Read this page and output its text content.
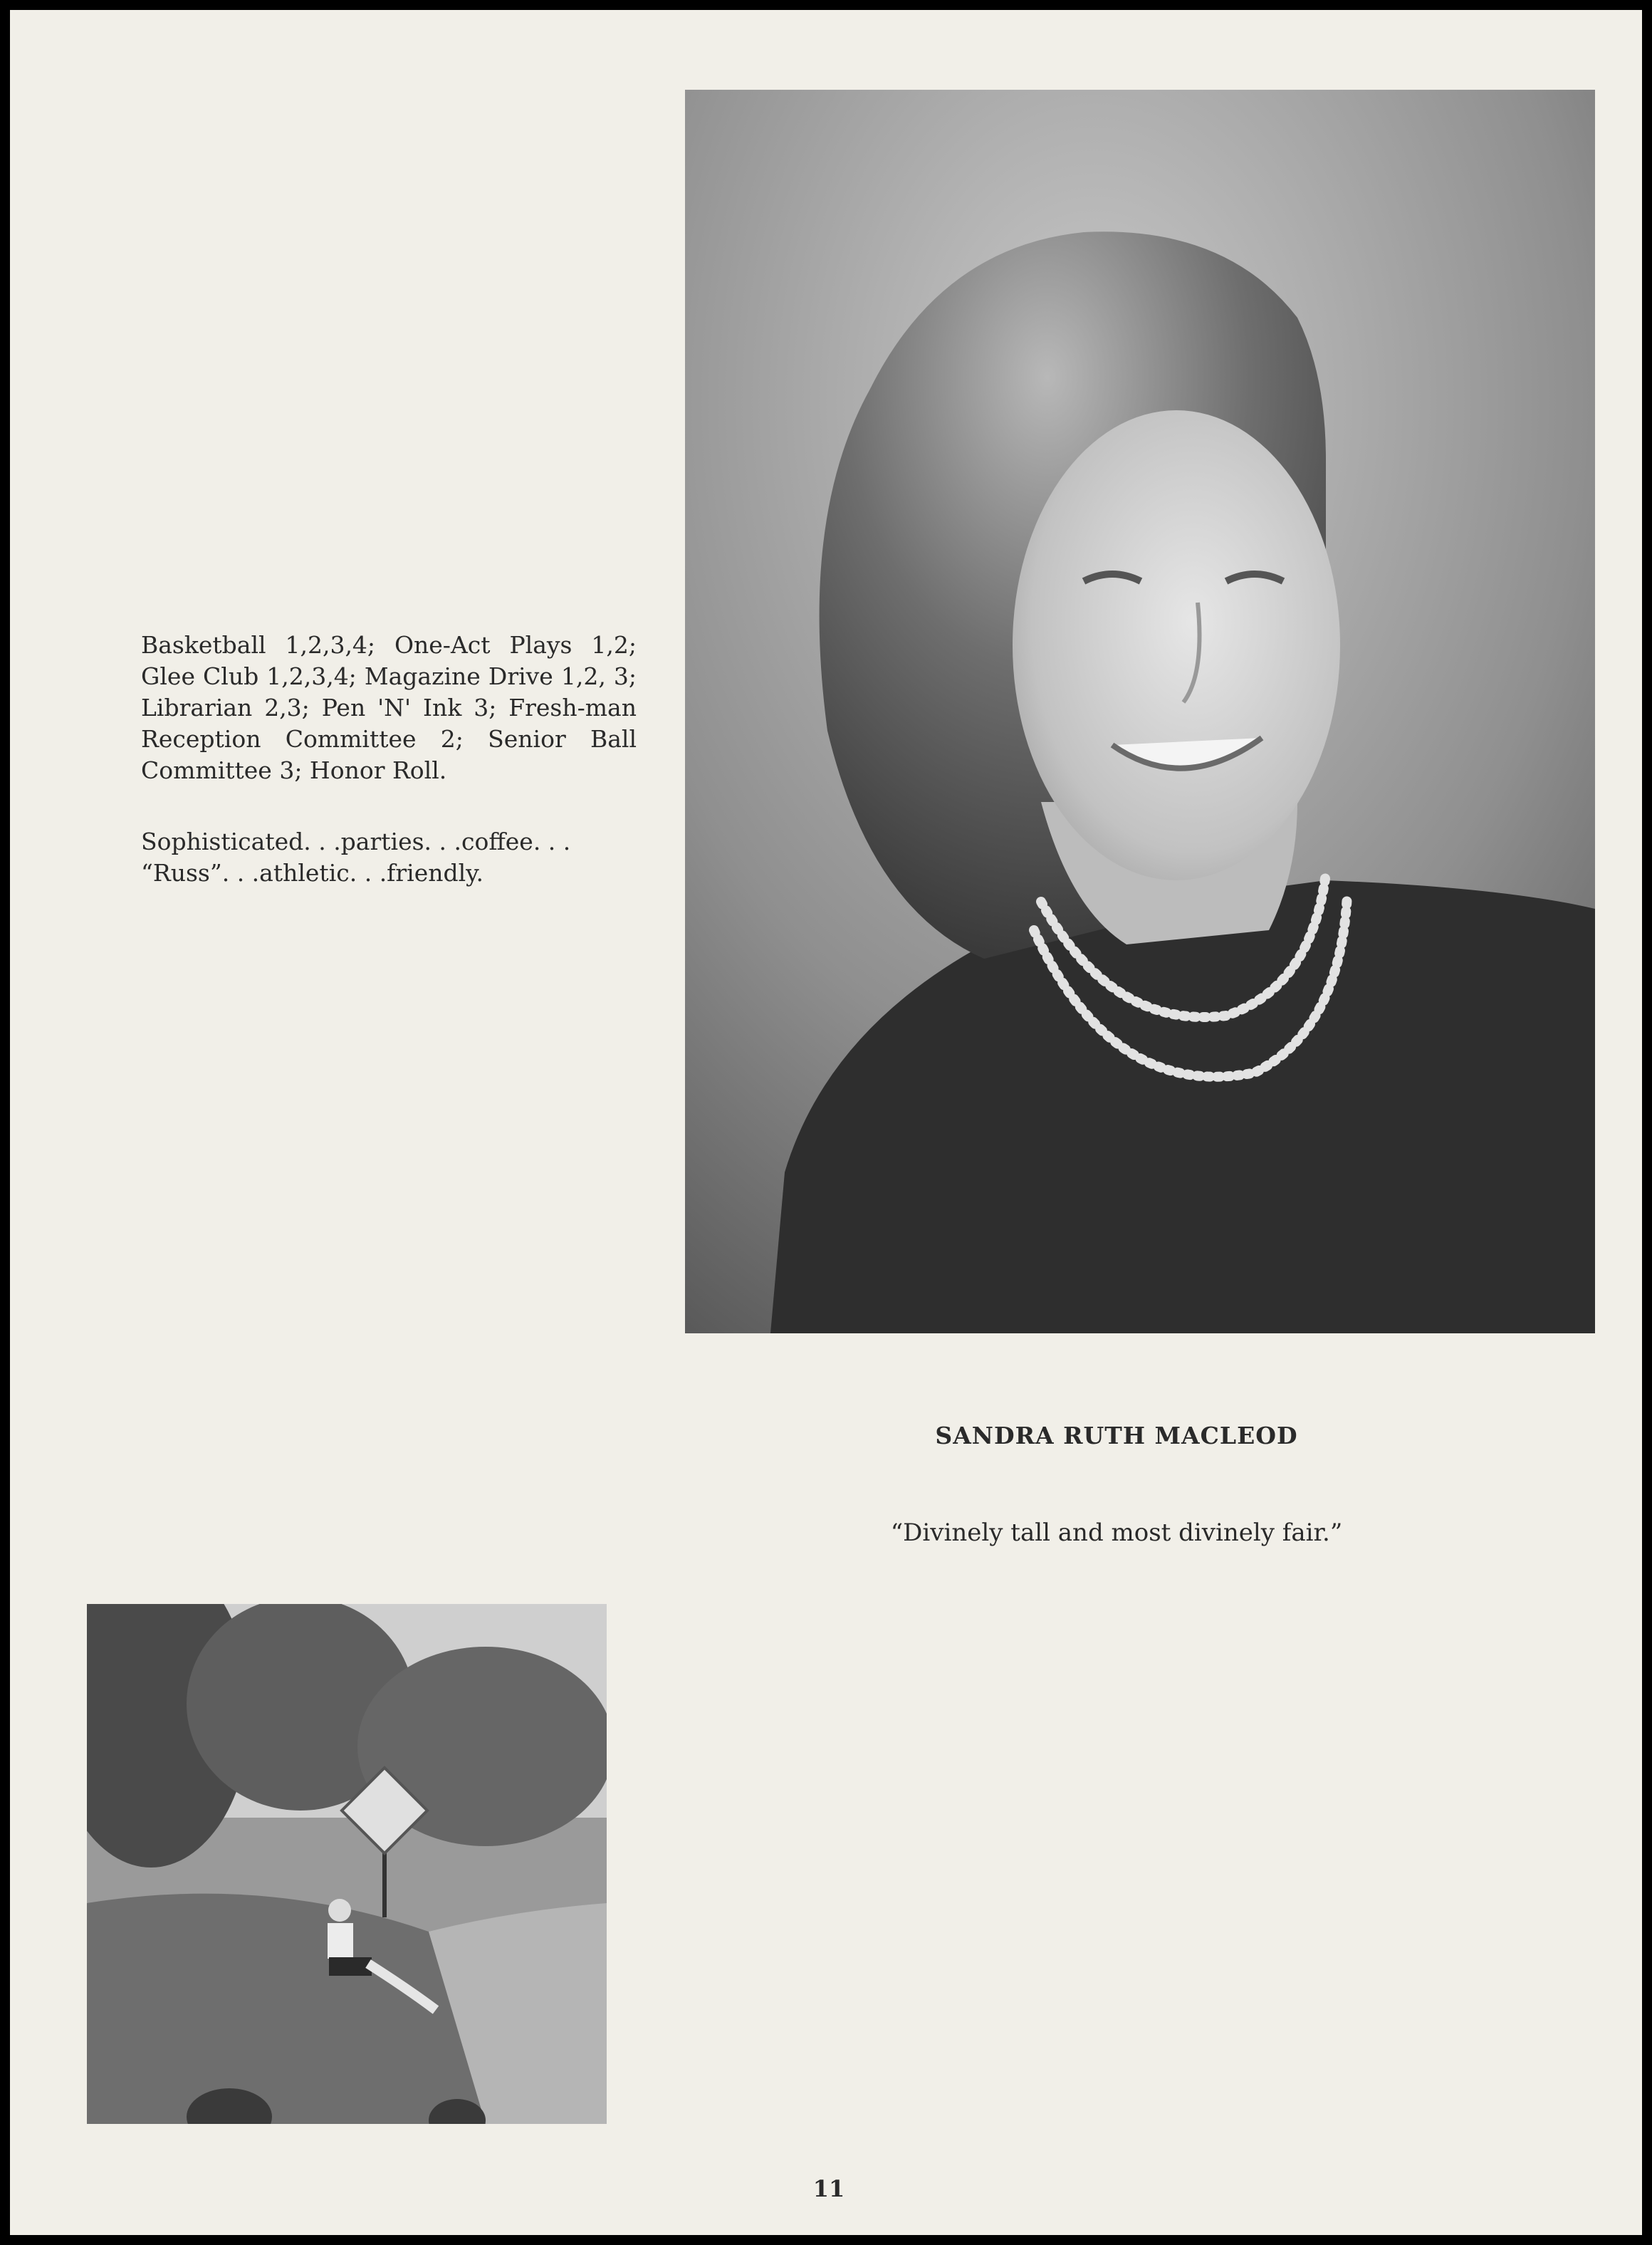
Basketball 1,2,3,4; One-Act Plays 1,2; Glee Club 1,2,3,4; Magazine Drive 1,2, 3; Librarian 2,3; Pen 'N' Ink 3; Fresh-man Reception Committee 2; Senior Ball Committee 3; Honor Roll.

Sophisticated. . .parties. . .coffee. . .
“Russ”. . .athletic. . .friendly.

SANDRA RUTH MACLEOD

“Divinely tall and most divinely fair.”

11
